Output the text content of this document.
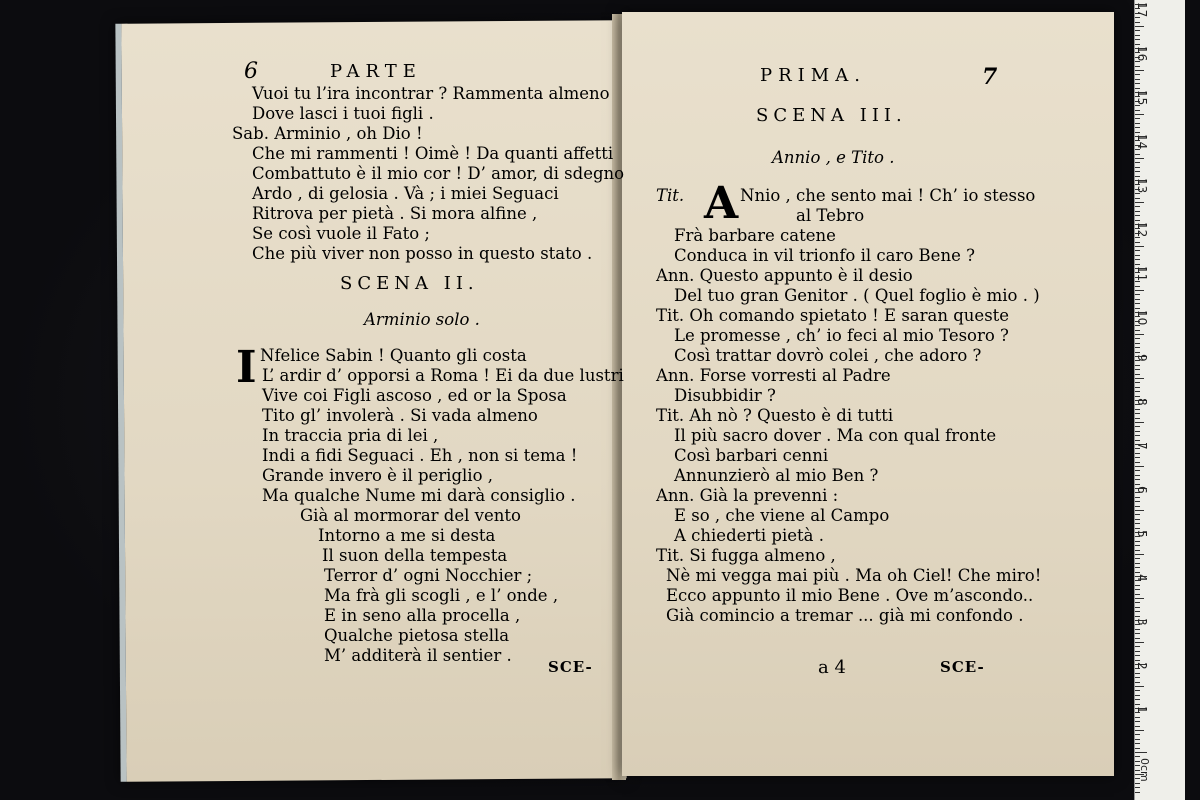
6	PARTE
Vuoi tu l’ira incontrar ? Rammenta almeno
Dove lasci i tuoi figli .
Sab. Arminio , oh Dio !
Che mi rammenti ! Oimè ! Da quanti affetti
Combattuto è il mio cor ! D’ amor, di sdegno
Ardo , di gelosia . Và ; i miei Seguaci
Ritrova per pietà . Si mora alfine ,
Se così vuole il Fato ;
Che più viver non posso in questo stato .
SCENA II.
Arminio solo .
I Nfelice Sabin ! Quanto gli costa
L’ ardir d’ opporsi a Roma ! Ei da due lustri
Vive coi Figli ascoso , ed or la Sposa
Tito gl’ involerà . Si vada almeno
In traccia pria di lei ,
Indi a fidi Seguaci . Eh , non si tema !
Grande invero è il periglio ,
Ma qualche Nume mi darà consiglio .
Già al mormorar del vento
Intorno a me si desta
Il suon della tempesta
Terror d’ ogni Nocchier ;
Ma frà gli scogli , e l’ onde ,
E in seno alla procella ,
Qualche pietosa stella
M’ additerà il sentier .
SCE-
PRIMA.	7
SCENA III.
Annio , e Tito .
Tit. A Nnio , che sento mai ! Ch’ io stesso
al Tebro
Frà barbare catene
Conduca in vil trionfo il caro Bene ?
Ann. Questo appunto è il desio
Del tuo gran Genitor . ( Quel foglio è mio . )
Tit. Oh comando spietato ! E saran queste
Le promesse , ch’ io feci al mio Tesoro ?
Così trattar dovrò colei , che adoro ?
Ann. Forse vorresti al Padre
Disubbidir ?
Tit. Ah nò ? Questo è di tutti
Il più sacro dover . Ma con qual fronte
Così barbari cenni
Annunzierò al mio Ben ?
Ann. Già la prevenni :
E so , che viene al Campo
A chiederti pietà .
Tit. Si fugga almeno ,
Nè mi vegga mai più . Ma oh Ciel! Che miro!
Ecco appunto il mio Bene . Ove m’ascondo..
Già comincio a tremar ... già mi confondo .
a 4	SCE-
17
16
15
14
13
12
11
10
9
8
7
6
5
4
3
2
1
0cm
